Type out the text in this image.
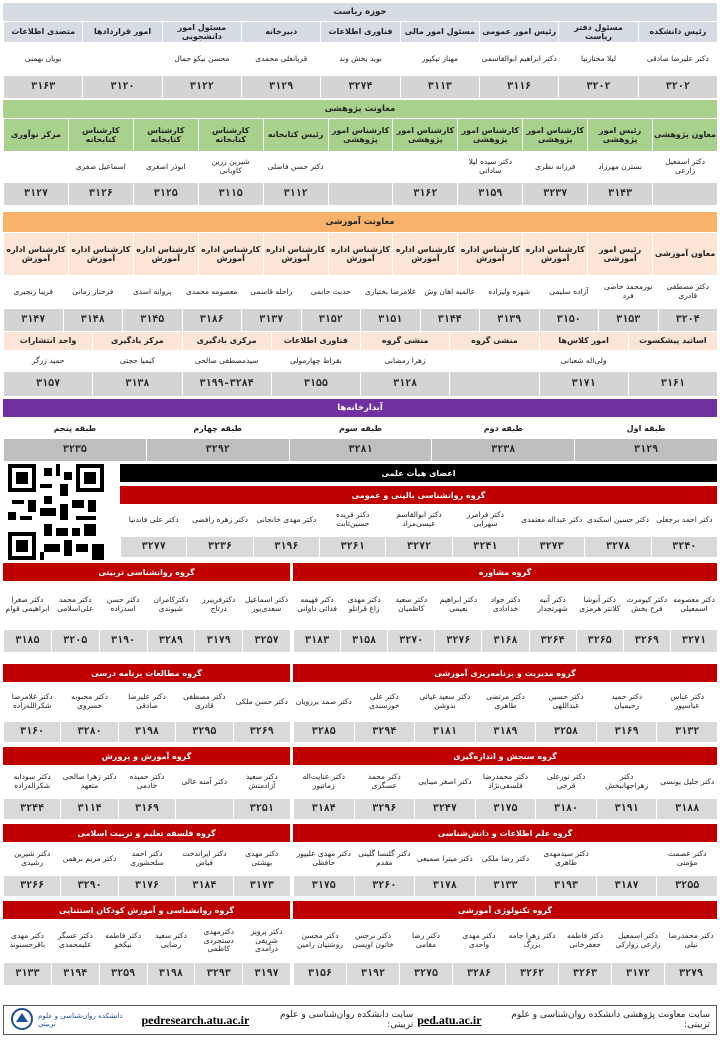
حوزه ریاست
رئیس دانشکده
مسئول دفتر ریاست
رئیس امور عمومی
مسئول امور مالی
فناوری اطلاعات
دبیرخانه
مسئول امور دانشجویی
امور قراردادها
متصدی اطلاعات
دکتر علیرضا صادقی
لیلا مختارنیا
دکتر ابراهیم ابوالقاسمی
مهناز تیکپور
نوید بخش وند
قربانعلی محمدی
محسن نیکو جمال
بویان بهمنی
۳۲۰۲
۳۲۰۲
۳۱۱۶
۳۱۱۳
۳۲۷۴
۳۱۲۹
۳۱۲۲
۳۱۲۰
۳۱۶۳
معاونت پژوهشی
معاون پژوهشی
رئیس امور پژوهشی
کارشناس امور پژوهشی
کارشناس امور پژوهشی
کارشناس امور پژوهشی
کارشناس امور پژوهشی
رئیس کتابخانه
کارشناس کتابخانه
کارشناس کتابخانه
کارشناس کتابخانه
مرکز نوآوری
دکتر اسمعیل زارعی
نسترن مهرزاد
فرزانه نظری
دکتر سیده لیلا ساداتی
دکتر حسن فاضلی
شیرین زرین کاویانی
ابوذر اصغری
اسماعیل صفری
۳۱۴۳
۳۲۳۷
۳۱۵۹
۳۱۶۲
۳۱۱۲
۳۱۱۵
۳۱۲۵
۳۱۲۶
۳۱۲۷
معاونت آموزشی
معاون آموزشی
رئیس امور آموزشی
کارشناس اداره آموزش
کارشناس اداره آموزش
کارشناس اداره آموزش
کارشناس اداره آموزش
کارشناس اداره آموزش
کارشناس اداره آموزش
کارشناس اداره آموزش
کارشناس اداره آموزش
کارشناس اداره آموزش
دکتر مصطفی قادری
نورمحمد خاصی فرد
آزاده سلیمی
شهره ولیزاده
عالمیه اهان وش
غلامرضا بختیاری
حدیث حاتمی
راحله قاسمی
معصومه محمدی
پروانه اسدی
فرحناز زمانی
فریبا رنجبری
۳۲۰۴
۳۱۵۳
۳۱۵۰
۳۱۳۹
۳۱۴۴
۳۱۵۱
۳۱۵۲
۳۱۳۷
۳۱۸۶
۳۱۴۵
۳۱۴۸
۳۱۴۷
اساتید پیشکسوت
امور کلاس‌ها
منشی گروه
منشی گروه
فناوری اطلاعات
مرکزی بادگیری
مرکز یادگیری
واحد انتشارات
ولی‌اله شعبانی
زهرا رمضانی
بقراط چهارمولی
سیدمصطفی صالحی
کیمیا حجتی
حمید زرگر
۳۱۶۱
۳۱۷۱
۳۱۲۸
۳۱۵۵
۳۱۹۹-۳۲۸۴
۳۱۳۸
۳۱۵۷
آبدارخانه‌ها
طبقه اول
طبقه دوم
طبقه سوم
طبقه چهارم
طبقه پنجم
۳۱۲۹
۳۲۳۸
۳۲۸۱
۳۲۹۲
۳۲۳۵
اعضای هیأت علمی
گروه روانشناسی بالینی و عمومی
دکتر احمد برجعلی
دکتر حسین اسکندی
دکتر عبداله معتمدی
دکتر فرامرز سهرابی
دکتر ابوالقاسم عیسی‌مراد
دکتر فریده حسین‌ثابت
دکتر مهدی خانجانی
دکتر زهره رافضی
دکتر علی فاتدنیا
۳۲۴۰
۳۲۷۸
۳۲۷۳
۳۲۴۱
۳۲۷۲
۳۲۶۱
۳۱۹۶
۳۲۳۶
۳۲۷۷
گروه مشاوره
دکتر معصومه اسمعیلی
دکتر کیومرث فرح بخش
دکتر آنوشا کلانتر هرمزی
دکتر آنیه شهرتجدار
دکتر جواد خدادادی
دکتر ابراهیم نعیمی
دکتر سعید کاظمیان
دکتر مهدی زاغ قرانلو
دکتر فهیمه فدائی داوانی
۳۲۷۱
۳۲۶۹
۳۲۶۵
۳۲۶۴
۳۱۶۸
۳۲۷۶
۳۲۷۰
۳۱۵۸
۳۱۸۳
گروه روانشناسی تربیتی
دکتر اسماعیل سعدی‌پور
دکترفریبرز درتاج
دکترکامران شیوندی
دکتر حسن اسدزاده
دکتر محمد علی‌اسلامی
دکتر صغرا ابراهیمی قوام
۳۲۵۷
۳۱۷۹
۳۲۸۹
۳۱۹۰
۳۲۰۵
۳۱۸۵
گروه مدیریت و برنامه‌ریزی آموزشی
دکتر عباس عباسپور
دکتر حمید رحیمیان
دکتر حسین عبداللهی
دکتر مرتضی طاهری
دکتر سعید غیاثی ندوشن
دکتر علی خورسندی
دکتر صمد برزویان
۳۱۳۲
۳۱۶۹
۳۲۵۸
۳۱۸۹
۳۱۸۱
۳۲۹۴
۳۲۸۵
گروه مطالعات برنامه درسی
دکتر حسن ملکی
دکتر مصطفی قادری
دکتر علیرضا صادقی
دکتر محبوبه خسروی
دکتر غلامرضا شکرالله‌زاده
۳۲۶۹
۳۲۹۵
۳۱۹۸
۳۲۸۰
۳۱۶۰
گروه سنجش و اندازه‌گیری
دکتر جلیل یونسی
دکتر زهراجهانبخش
دکتر نورعلی فرخی
دکتر محمدرضا فلسفی‌نژاد
دکتر اصغر مینایی
دکتر محمد عسگری
دکتر عنایت‌اله زماتیور
۳۱۸۸
۳۱۹۱
۳۱۸۰
۳۱۷۵
۳۲۴۷
۳۲۹۶
۳۱۸۴
گروه آموزش و پرورش
دکتر سعید آزادمنش
دکتر آمنه عالی
دکتر حمیده خادمی
دکتر زهرا صالحی متعهد
دکتر سودابه شکراله‌زاده
۳۲۵۱
۳۱۶۹
۳۱۱۴
۳۲۴۴
گروه علم اطلاعات و دانش‌شناسی
دکتر عصمت مؤمنی
دکتر سیدمهدی طاهری
دکتر رضا ملکی
دکتر میترا صمیعی
دکتر گلنسا گلینی مقدم
دکتر مهدی علیپور حافظی
۳۲۵۵
۳۱۸۷
۳۱۹۳
۳۱۳۳
۳۱۷۸
۳۲۶۰
۳۱۷۵
گروه فلسفه تعلیم و تربیت اسلامی
دکتر مهدی بهشتی
دکتر ایراندخت فیاض
دکتر احمد سلحشوری
دکتر مریم برهمن
دکتر شیرین رشیدی
۳۱۷۳
۳۱۸۴
۳۱۷۶
۳۲۹۰
۳۲۶۶
گروه تکنولوژی آموزشی
دکتر محمدرضا نیلی
دکتر اسمعیل زارعی زوارکی
دکتر فاطمه جعفرخانی
دکتر زهرا جامه بزرگ
دکتر مهدی واحدی
دکتر رضا مقامی
دکتر نرجس خاتون اویسی
دکتر محسن روشنیان رامین
۳۲۷۹
۳۱۷۲
۳۲۶۳
۳۲۶۲
۳۲۸۶
۳۲۷۵
۳۱۹۲
۳۱۵۶
گروه روانشناسی و آموزش کودکان استثنایی
دکتر پرویز شریفی درآمدی
دکترمهدی دستجردی کاظمی
دکتر سعید رضایی
دکتر فاطمه نیکخو
دکتر عسگر علیمحمدی
دکتر مهدی باقرحسنوند
۳۱۹۷
۳۲۹۳
۳۱۹۸
۳۲۵۹
۳۱۹۴
۳۱۳۳
دانشکده روان‌شناسی و علوم تربیتی
سایت معاونت پژوهشی دانشکده روان‌شناسی و علوم تربیتی:
ped.atu.ac.ir
سایت دانشکده روان‌شناسی و علوم تربیتی:
pedresearch.atu.ac.ir
